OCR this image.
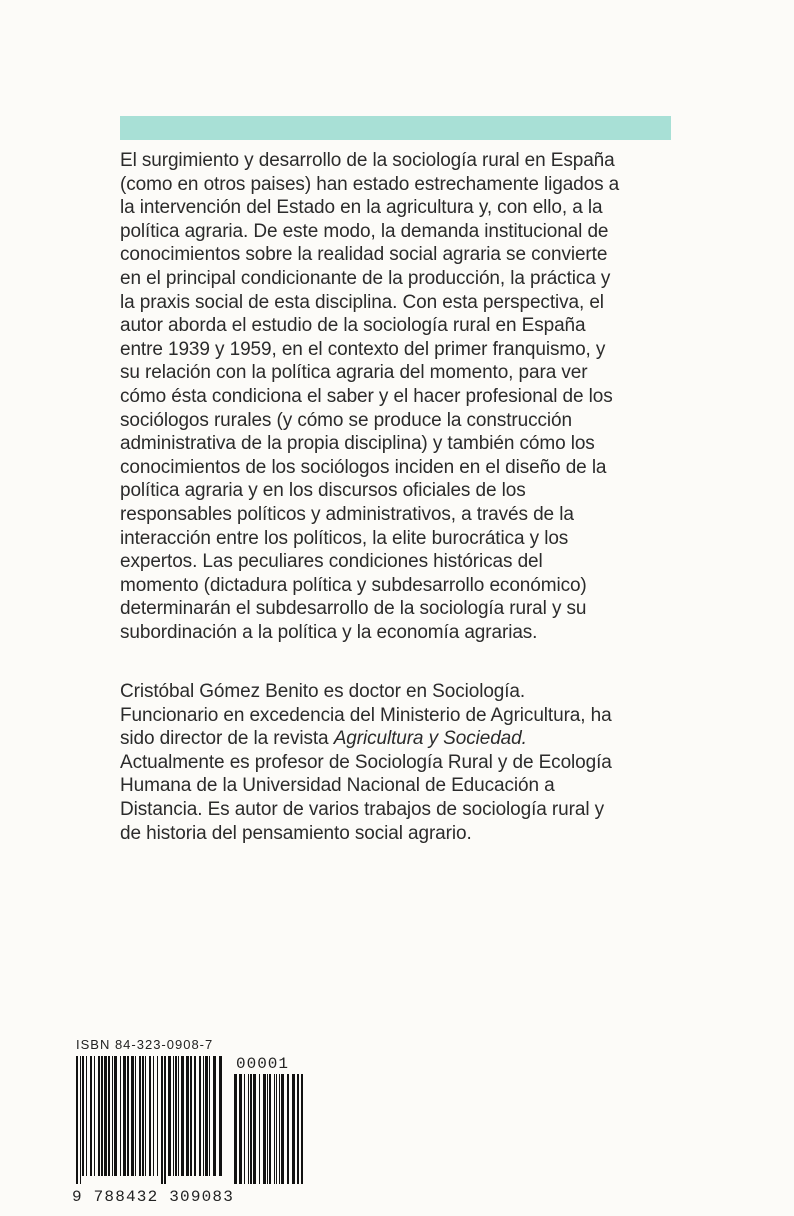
El surgimiento y desarrollo de la sociología rural en España
(como en otros paises) han estado estrechamente ligados a
la intervención del Estado en la agricultura y, con ello, a la
política agraria. De este modo, la demanda institucional de
conocimientos sobre la realidad social agraria se convierte
en el principal condicionante de la producción, la práctica y
la praxis social de esta disciplina. Con esta perspectiva, el
autor aborda el estudio de la sociología rural en España
entre 1939 y 1959, en el contexto del primer franquismo, y
su relación con la política agraria del momento, para ver
cómo ésta condiciona el saber y el hacer profesional de los
sociólogos rurales (y cómo se produce la construcción
administrativa de la propia disciplina) y también cómo los
conocimientos de los sociólogos inciden en el diseño de la
política agraria y en los discursos oficiales de los
responsables políticos y administrativos, a través de la
interacción entre los políticos, la elite burocrática y los
expertos. Las peculiares condiciones históricas del
momento (dictadura política y subdesarrollo económico)
determinarán el subdesarrollo de la sociología rural y su
subordinación a la política y la economía agrarias.
Cristóbal Gómez Benito es doctor en Sociología.
Funcionario en excedencia del Ministerio de Agricultura, ha
sido director de la revista Agricultura y Sociedad.
Actualmente es profesor de Sociología Rural y de Ecología
Humana de la Universidad Nacional de Educación a
Distancia. Es autor de varios trabajos de sociología rural y
de historia del pensamiento social agrario.
ISBN 84-323-0908-7
00001
9 788432 309083
